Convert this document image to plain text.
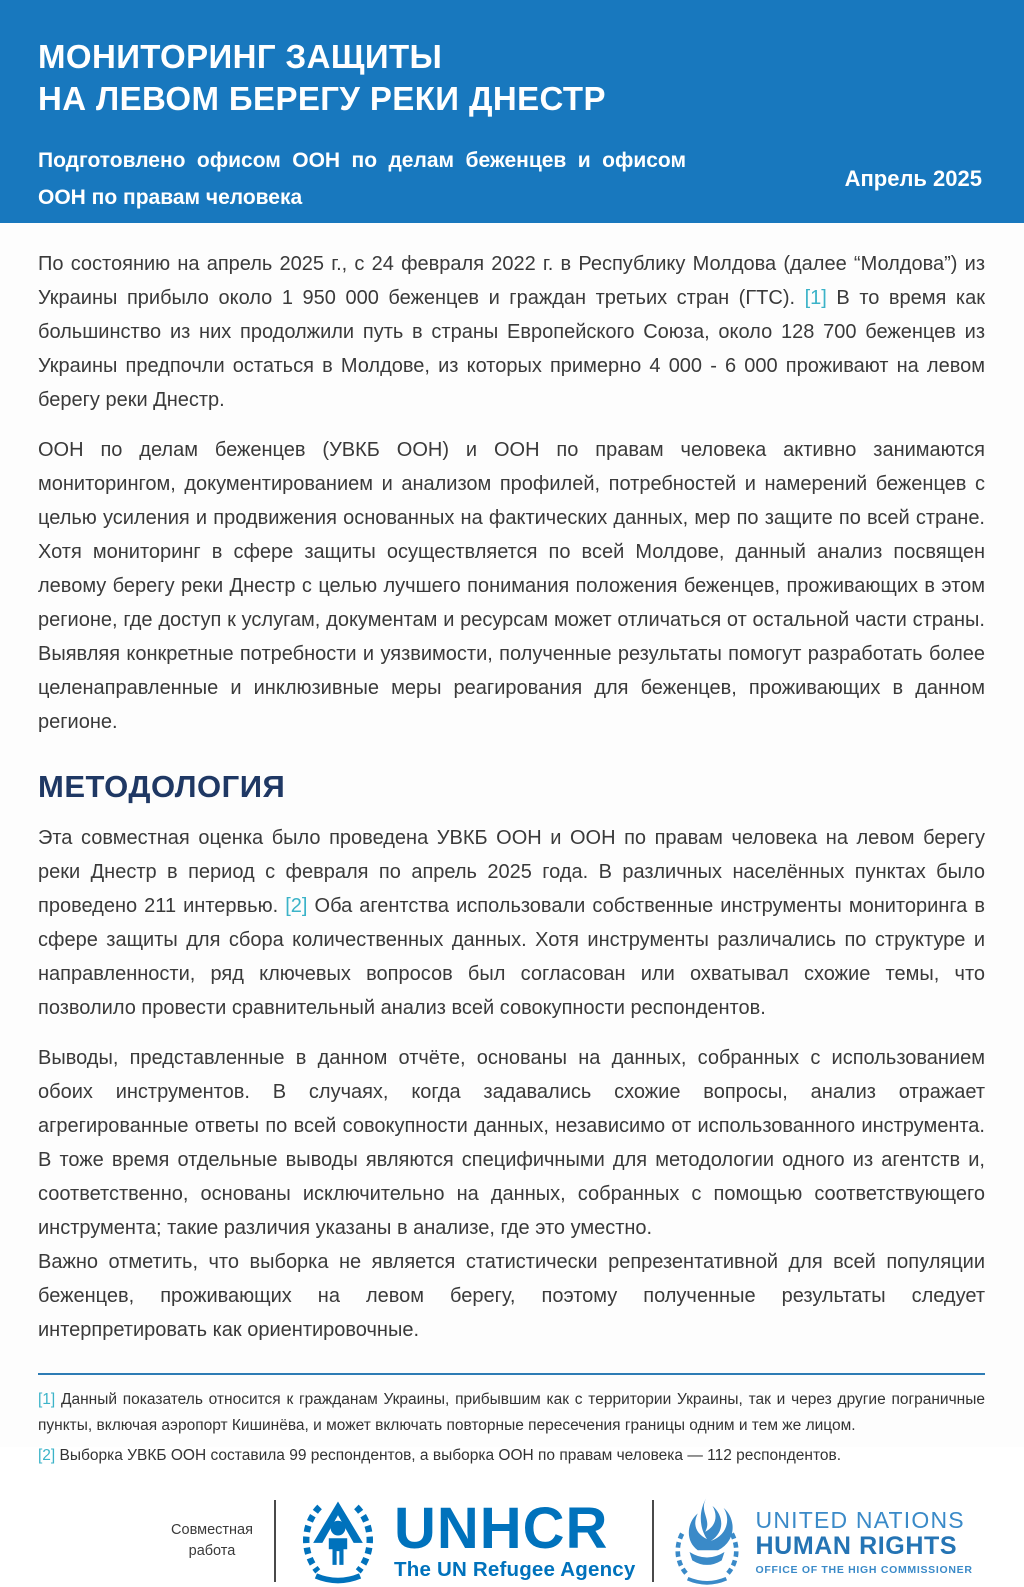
МОНИТОРИНГ ЗАЩИТЫ
НА ЛЕВОМ БЕРЕГУ РЕКИ ДНЕСТР

Подготовлено офисом ООН по делам беженцев и офисом ООН по правам человека

Апрель 2025

По состоянию на апрель 2025 г., с 24 февраля 2022 г. в Республику Молдова (далее “Молдова”) из Украины прибыло около 1 950 000 беженцев и граждан третьих стран (ГТС). [1] В то время как большинство из них продолжили путь в страны Европейского Союза, около 128 700 беженцев из Украины предпочли остаться в Молдове, из которых примерно 4 000 - 6 000 проживают на левом берегу реки Днестр.

ООН по делам беженцев (УВКБ ООН) и ООН по правам человека активно занимаются мониторингом, документированием и анализом профилей, потребностей и намерений беженцев с целью усиления и продвижения основанных на фактических данных, мер по защите по всей стране. Хотя мониторинг в сфере защиты осуществляется по всей Молдове, данный анализ посвящен левому берегу реки Днестр с целью лучшего понимания положения беженцев, проживающих в этом регионе, где доступ к услугам, документам и ресурсам может отличаться от остальной части страны. Выявляя конкретные потребности и уязвимости, полученные результаты помогут разработать более целенаправленные и инклюзивные меры реагирования для беженцев, проживающих в данном регионе.

МЕТОДОЛОГИЯ

Эта совместная оценка было проведена УВКБ ООН и ООН по правам человека на левом берегу реки Днестр в период с февраля по апрель 2025 года. В различных населённых пунктах было проведено 211 интервью. [2] Оба агентства использовали собственные инструменты мониторинга в сфере защиты для сбора количественных данных. Хотя инструменты различались по структуре и направленности, ряд ключевых вопросов был согласован или охватывал схожие темы, что позволило провести сравнительный анализ всей совокупности респондентов.

Выводы, представленные в данном отчёте, основаны на данных, собранных с использованием обоих инструментов. В случаях, когда задавались схожие вопросы, анализ отражает агрегированные ответы по всей совокупности данных, независимо от использованного инструмента. В тоже время отдельные выводы являются специфичными для методологии одного из агентств и, соответственно, основаны исключительно на данных, собранных с помощью соответствующего инструмента; такие различия указаны в анализе, где это уместно.

Важно отметить, что выборка не является статистически репрезентативной для всей популяции беженцев, проживающих на левом берегу, поэтому полученные результаты следует интерпретировать как ориентировочные.

[1] Данный показатель относится к гражданам Украины, прибывшим как с территории Украины, так и через другие пограничные пункты, включая аэропорт Кишинёва, и может включать повторные пересечения границы одним и тем же лицом.

[2] Выборка УВКБ ООН составила 99 респондентов, а выборка ООН по правам человека — 112 респондентов.

Совместная
работа	UNHCR
The UN Refugee Agency
UNITED NATIONS
HUMAN RIGHTS
OFFICE OF THE HIGH COMMISSIONER
